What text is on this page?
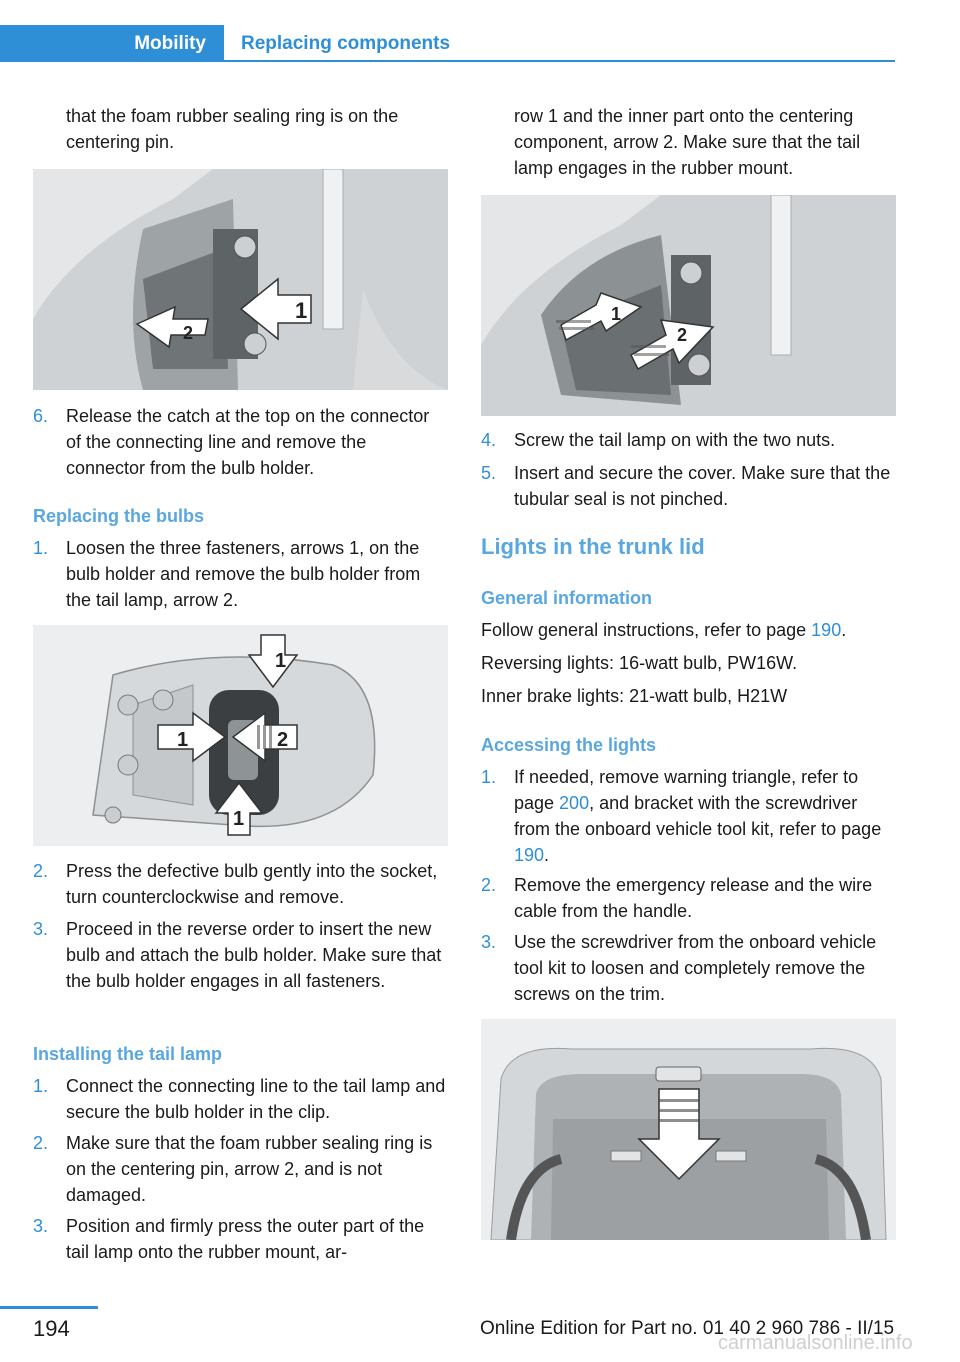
Mobility	Replacing components
that the foam rubber sealing ring is on the centering pin.
1
2
6. Release the catch at the top on the connector of the connecting line and remove the connector from the bulb holder.
Replacing the bulbs
1. Loosen the three fasteners, arrows 1, on the bulb holder and remove the bulb holder from the tail lamp, arrow 2.
1
1	2
1
2. Press the defective bulb gently into the socket, turn counterclockwise and remove.
3. Proceed in the reverse order to insert the new bulb and attach the bulb holder. Make sure that the bulb holder engages in all fasteners.
Installing the tail lamp
1. Connect the connecting line to the tail lamp and secure the bulb holder in the clip.
2. Make sure that the foam rubber sealing ring is on the centering pin, arrow 2, and is not damaged.
3. Position and firmly press the outer part of the tail lamp onto the rubber mount, ar-
row 1 and the inner part onto the centering component, arrow 2. Make sure that the tail lamp engages in the rubber mount.
1
2
4. Screw the tail lamp on with the two nuts.
5. Insert and secure the cover. Make sure that the tubular seal is not pinched.
Lights in the trunk lid
General information
Follow general instructions, refer to page 190.
Reversing lights: 16-watt bulb, PW16W.
Inner brake lights: 21-watt bulb, H21W
Accessing the lights
1. If needed, remove warning triangle, refer to page 200, and bracket with the screwdriver from the onboard vehicle tool kit, refer to page 190.
2. Remove the emergency release and the wire cable from the handle.
3. Use the screwdriver from the onboard vehicle tool kit to loosen and completely remove the screws on the trim.
194	Online Edition for Part no. 01 40 2 960 786 - II/15
carmanualsonline.info
